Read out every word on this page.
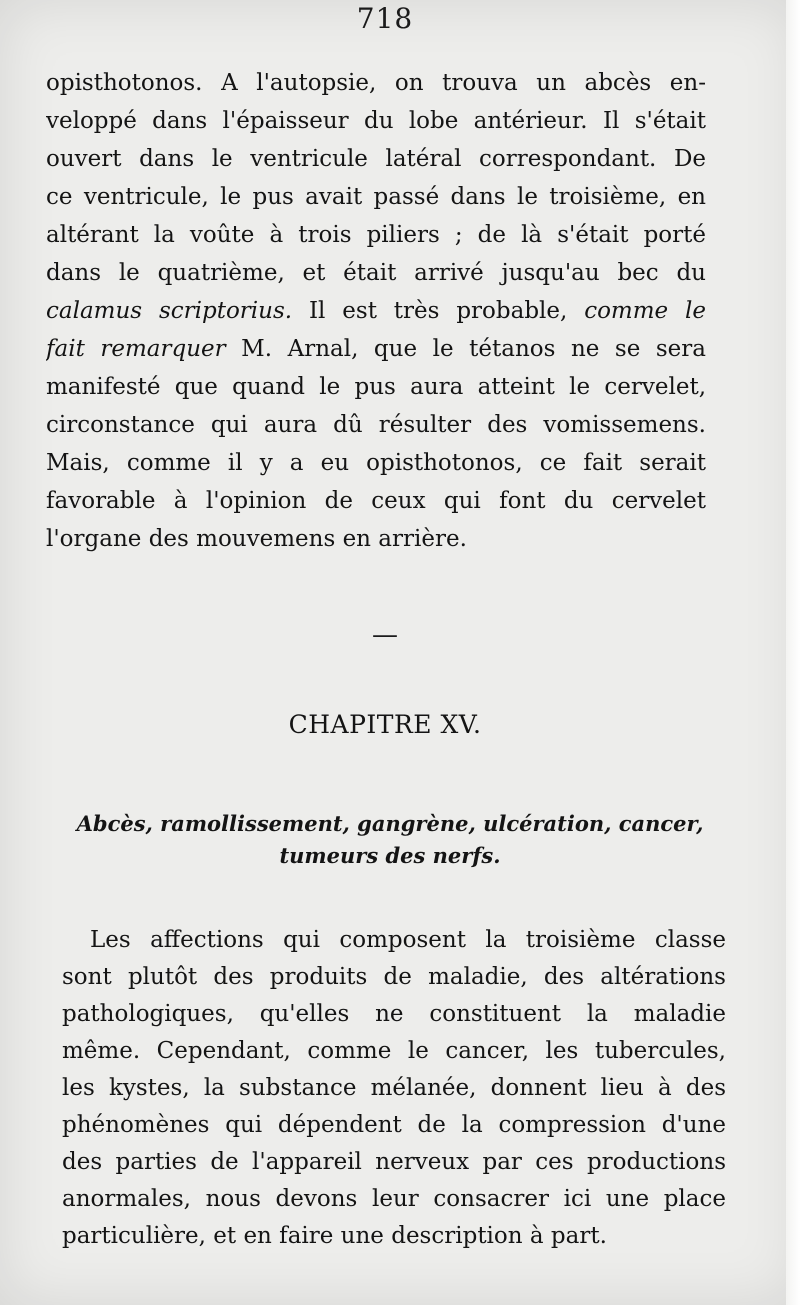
718
opisthotonos. A l'autopsie, on trouva un abcès en-
veloppé dans l'épaisseur du lobe antérieur. Il s'était
ouvert dans le ventricule latéral correspondant. De
ce ventricule, le pus avait passé dans le troisième, en
altérant la voûte à trois piliers ; de là s'était porté
dans le quatrième, et était arrivé jusqu'au bec du
calamus scriptorius. Il est très probable, comme le
fait remarquer M. Arnal, que le tétanos ne se sera
manifesté que quand le pus aura atteint le cervelet,
circonstance qui aura dû résulter des vomissemens.
Mais, comme il y a eu opisthotonos, ce fait serait
favorable à l'opinion de ceux qui font du cervelet
l'organe des mouvemens en arrière.
—
CHAPITRE XV.
Abcès, ramollissement, gangrène, ulcération, cancer,
tumeurs des nerfs.
Les affections qui composent la troisième classe
sont plutôt des produits de maladie, des altérations
pathologiques, qu'elles ne constituent la maladie
même. Cependant, comme le cancer, les tubercules,
les kystes, la substance mélanée, donnent lieu à des
phénomènes qui dépendent de la compression d'une
des parties de l'appareil nerveux par ces productions
anormales, nous devons leur consacrer ici une place
particulière, et en faire une description à part.
